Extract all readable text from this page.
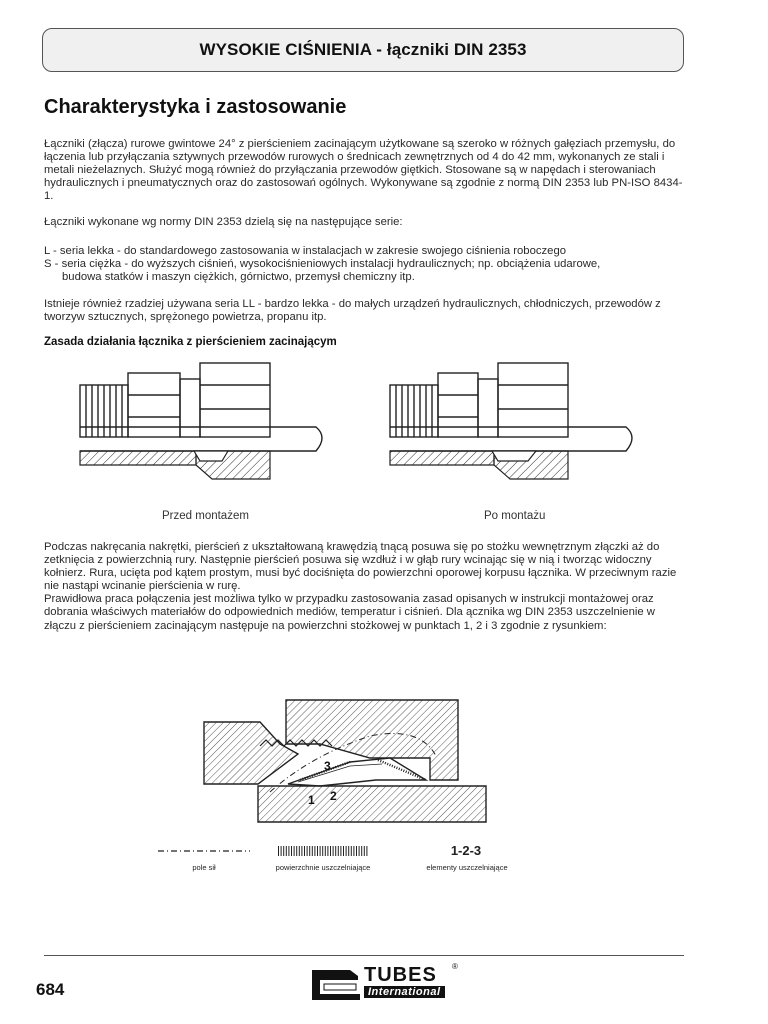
WYSOKIE CIŚNIENIA - łączniki DIN 2353
Charakterystyka i zastosowanie

Łączniki (złącza) rurowe gwintowe 24° z pierścieniem zacinającym użytkowane są szeroko w różnych gałęziach przemysłu, do łączenia lub przyłączania sztywnych przewodów rurowych o średnicach zewnętrznych od 4 do 42 mm, wykonanych ze stali i metali nieżelaznych. Służyć mogą również do przyłączania przewodów giętkich. Stosowane są w napędach i sterowaniach hydraulicznych i pneumatycznych oraz do zastosowań ogólnych. Wykonywane są zgodnie z normą DIN 2353 lub PN-ISO 8434-1.

Łączniki wykonane wg normy DIN 2353 dzielą się na następujące serie:

L - seria lekka - do standardowego zastosowania w instalacjach w zakresie swojego ciśnienia roboczego

S - seria ciężka - do wyższych ciśnień, wysokociśnieniowych instalacji hydraulicznych; np. obciążenia udarowe,

budowa statków i maszyn ciężkich, górnictwo, przemysł chemiczny itp.

Istnieje również rzadziej używana seria LL - bardzo lekka - do małych urządzeń hydraulicznych, chłodniczych, przewodów z tworzyw sztucznych, sprężonego powietrza, propanu itp.

Zasada działania łącznika z pierścieniem zacinającym
Przed montażem	Po montażu

Podczas nakręcania nakrętki, pierścień z ukształtowaną krawędzią tnącą posuwa się po stożku wewnętrznym złączki aż do zetknięcia z powierzchnią rury. Następnie pierścień posuwa się wzdłuż i w głąb rury wcinając się w nią i tworząc widoczny kołnierz. Rura, ucięta pod kątem prostym, musi być dociśnięta do powierzchni oporowej korpusu łącznika. W przeciwnym razie nie nastąpi wcinanie pierścienia w rurę.

Prawidłowa praca połączenia jest możliwa tylko w przypadku zastosowania zasad opisanych w instrukcji montażowej oraz dobrania właściwych materiałów do odpowiednich mediów, temperatur i ciśnień. Dla ącznika wg DIN 2353 uszczelnienie w złączu z pierścieniem zacinającym następuje na powierzchni stożkowej w punktach 1, 2 i 3 zgodnie z rysunkiem:

3
1 2
pole sił	powierzchnie uszczelniające
1-2-3
elementy uszczelniające
684
TUBES ®
International
